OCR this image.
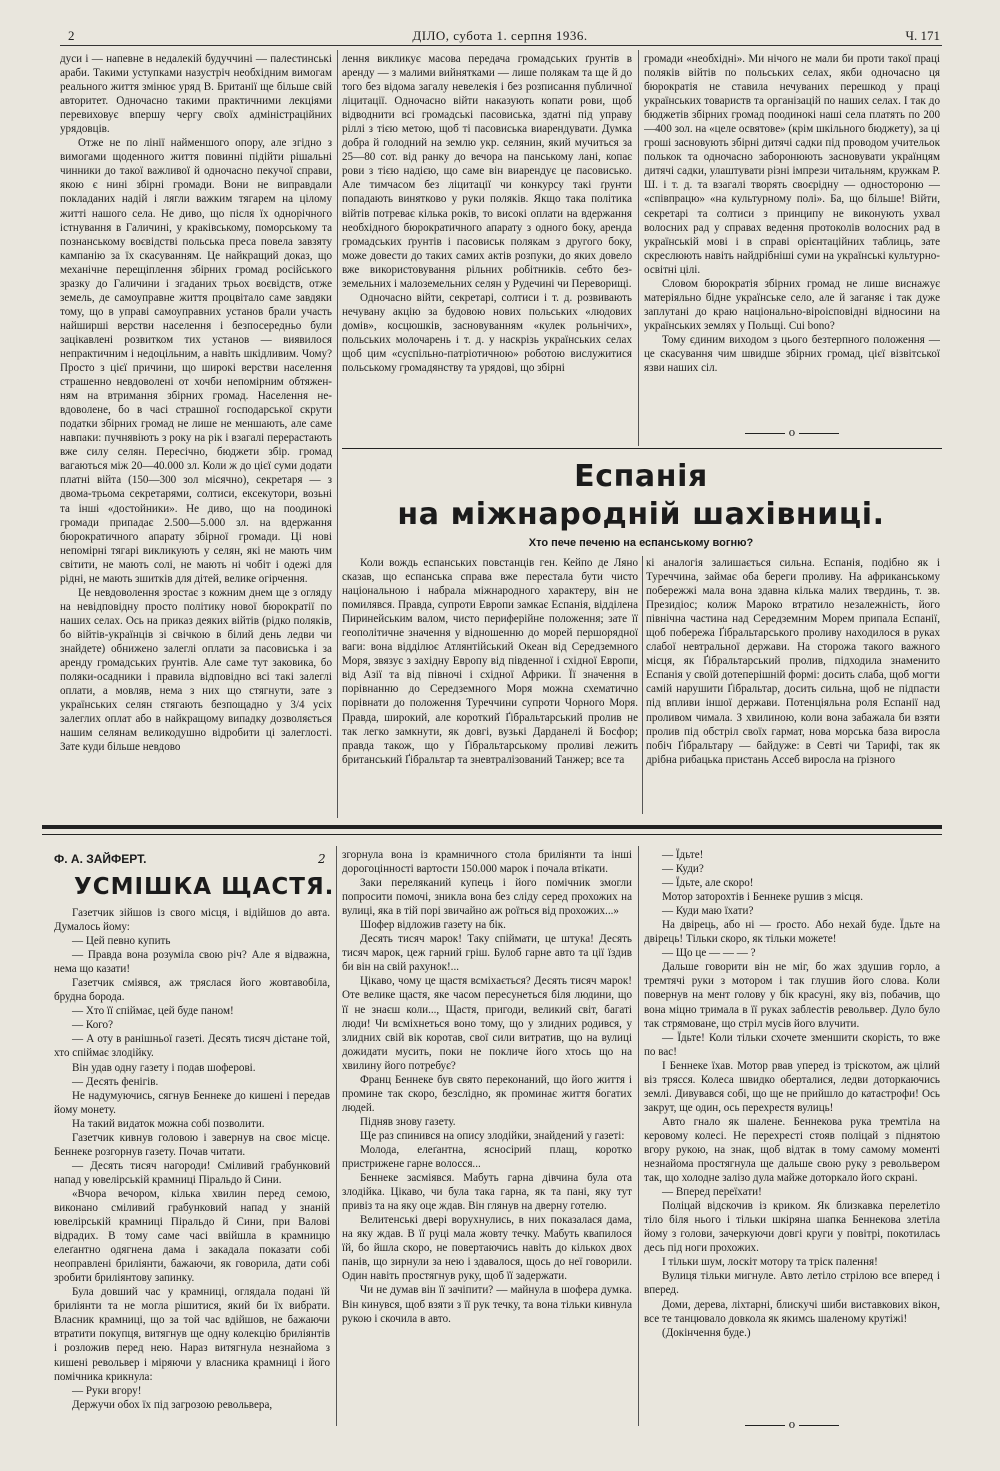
2	ДІЛО, субота 1. серпня 1936.	Ч. 171

дуси і — напевне в недалекій будуччині — палестинські араби. Такими уступками назустріч необхідним вимогам реального життя змінює уряд В. Британії ще більше свій авторитет. Одночасно такими практичними лекціями перевиховує впершу чергу своїх адміністраційних урядовців.

Отже не по лінії найменшого опору, але згідно з вимогами щоденного життя повинні підійти рішальні чинники до такої важливої й одночасно пекучої справи, якою є нині збірні громади. Вони не виправдали покладаних надій і лягли важким тягарем на цілому житті нашого села. Не диво, що після їх однорічного істнування в Галичині, у краківському, поморському та познанському воєвідстві польська преса повела завзяту кампанію за їх скасуванням. Це найкращий доказ, що механічне перещіплення збірних громад російського зразку до Галичини і згаданих трьох воєвідств, отже земель, де самоуправне життя процвітало саме завдяки тому, що в управі самоуправних установ брали участь найширші верстви населення і безпосередньо були зацікавлені розвитком тих установ — виявилося непрактичним і недоцільним, а навіть шкідливим. Чому? Просто з цієї причини, що широкі верстви населення страшенно невдоволені от хочби непомірним обтяженням на втримання збірних громад. Населення невдоволене, бо в часі страшної господарської скрути податки збірних громад не лише не меншають, але саме навпаки: пучнявіють з року на рік і взагалі перерастають вже силу селян. Пересічно, бюджети збір. громад вагаються між 20—40.000 зл. Коли ж до цієї суми додати платні війта (150—300 зол місячно), секретаря — з двома-трьома секретарями, солтиси, ексекутори, возьні та інші «достойники». Не диво, що на поодинокі громади припадає 2.500—5.000 зл. на вдержання бюрократичного апарату збірної громади. Ці нові непомірні тягарі викликують у селян, які не мають чим світити, не мають солі, не мають ні чобіт і одежі для рідні, не мають зшитків для дітей, велике огірчення.

Це невдоволення зростає з кожним днем ще з огляду на невідповідну просто політику нової бюрократії по наших селах. Ось на приказ деяких війтів (рідко поляків, бо війтів-українців зі свічкою в білий день ледви чи знайдете) обнижено залеглі оплати за пасовиська і за аренду громадських ґрунтів. Але саме тут заковика, бо поляки-осадники і правила відповідно всі такі залеглі оплати, а мовляв, нема з них що стягнути, затe з українських селян стягають безпощадно у 3/4 усіх залеглих оплат або в найкращому випадку дозволяється нашим селянам великодушно відробити ці залеглості. Зате куди більше невдово

лення викликує масова передача громадських ґрунтів в аренду — з малими вийнятками — лише полякам та ще й до того без відома загалу невелекія і без розписання публичної лiцитації. Одночасно війти наказують копати рови, щоб відводнити всі громадські пасовиська, здатні під управу ріллі з тією метою, щоб ті пасовиська виарендувати. Думка добра й голодний на землю укр. селянин, який мучиться за 25—80 сот. від ранку до вечора на панському лані, копає рови з тією надією, що саме він виарендує це пасовисько. Але тимчасом без лiцитації чи конкурсу такі ґрунти попадають винятково у руки поляків. Якщо така політика війтів потреває кілька років, то високі оплати на вдержання необхідного бюрократичного апарату з одного боку, аренда громадських ґрунтів і пасовиськ полякам з другого боку, може довести до таких самих актів розпуки, до яких довело вже використовування рільних робітників. себто безземельних і малоземельних селян у Рудечині чи Перевоpищі.

Одночасно війти, секретарі, солтиси і т. д. розвивають нечувану акцію за будовою нових польських «людових домів», косцюшків, засновуванням «кулек рольнічих», польських молочарень і т. д. у наскрізь українських селах щоб цим «суспільно-патріотичною» роботою вислужитися польському громадянству та урядові, що збірні

громади «необхідні». Ми нічого не мали би проти такої праці поляків війтів по польських селах, якби одночасно ця бюрократія не ставила нечуваних перешкод у праці українських товариств та організацій по наших селах. І так до бюджетів збірних громад поодинокі наші села платять по 200—400 зол. на «целе освятове» (крім шкільного бюджету), за ці гроші засновують збірні дитячі садки під проводом учительок полькок та одночасно заборонюють засновувати українцям дитячі садки, улаштувати різні імпрези читальням, кружкам Р. Ш. і т. д. та взагалі творять своєрідну — одностороню — «співпрацю» «на культурному полі». Ба, що більше! Війти, секретарі та солтиси з принципу не виконують ухвал волосних рад у справах ведення протоколів волосних рад в українській мові і в справі орієнтаційних таблиць, зате скреслюють навіть найдрібніші суми на українські культурно-освітні цілі.

Словом бюрократія збірних громад не лише виснажує матеріяльно бідне українське село, але й заганяє і так дуже заплутані до краю національно-віроісповідні відносини на українських землях у Польщі. Cui bono?

Тому єдиним виходом з цього безтерпного положення — це скасування чим швидше збірних громад, цієї візвітської язви наших сіл.

o
Еспанія
на міжнародній шахівниці.
Хто пече печеню на еспанському вогню?

Коли вождь еспанських повстанців ген. Кейпо де Ляно сказав, що еспанська справа вже перестала бути чисто національною і набрала міжнародного характеру, він не помилявся. Правда, супроти Европи замкає Еспанія, відділена Пиринейським валом, чисто периферійне положення; зате її геополітичне значення у відношенню до морей першорядної ваги: вона відділює Атлянтійський Океан від Середземного Моря, звязує з західну Европу від південної і східної Европи, від Азії та від півночі і східної Африки. Її значення в порівнанню до Середземного Моря можна схематично порівнати до положення Туреччини супроти Чорного Моря. Правда, широкий, але короткий Ґібральтарський пролив не так легко замкнути, як довгі, вузькі Дарданелі й Босфор; правда також, що у Ґібральтарському проливі лежить британський Ґібральтар та зневтралізований Танжер; все та

кі аналогія залишається сильна. Еспанія, подібно як і Туреччина, займає оба береги проливу. На африканському побережжі мала вона здавна кілька малих твердинь, т. зв. Президіос; колиж Мароко втратило незалежність, його північна частина над Середземним Морем припала Еспанії, щоб побережа Ґібральтарського проливу находилося в руках слабої невтральної держави. На сторожа такого важного місця, як Ґібральтарський пролив, підходила знаменито Еспанія у своїй дотеперішній формі: досить слаба, щоб могти самій нарушити Ґібральтар, досить сильна, щоб не підпасти під впливи іншої держави. Потенціяльна роля Еспанії над проливом чимала. З хвилиною, коли вона забажала би взяти пролив під обстріл своїх гармат, нова морська база виросла побіч Ґібральтару — байдуже: в Севті чи Тарифі, так як дрібна рибацька пристань Ассеб виросла на ґрізного

Ф. А. ЗАЙФЕРТ.	2
УСМІШКА ЩАСТЯ.

Газетчик зійшов із свого місця, і відійшов до авта. Думалось йому:

— Цей певно купить

— Правда вона розуміла свою річ? Але я відважна, нема що казати!

Газетчик сміявся, аж тряслася його жовтавобіла, брудна борода.

— Хто її спіймає, цей буде паном!

— Кого?

— А оту в ранішньої газеті. Десять тисяч дістане той, хто спіймає злодійку.

Він удав одну газету і подав шоферові.

— Десять фенігів.

Не надумуючись, сягнув Беннеке до кишені і передав йому монету.

На такий видаток можна собі позволити.

Газетчик кивнув головою і завернув на своє місце. Беннеке розгорнув газету. Почав читати.

— Десять тисяч нагороди! Сміливий грабунковий напад у ювелірській крамниці Піральдо й Сини.

«Вчора вечором, кілька хвилин перед семою, виконано сміливий грабунковий напад у знаній ювелірській крамниці Піральдо й Сини, при Валові відрадих. В тому саме часі ввійшла в крамницю елеґантно одягнена дама і закадала показати собі неоправлені бриліянти, бажаючи, як говорила, дати собі зробити бриліянтову запинку.

Була довший час у крамниці, оглядала подані їй бриліянти та не могла рішитися, який би їх вибрати. Власник крамниці, що за той час вдійшов, не бажаючи втратити покупця, витягнув ще одну колекцію бриліянтів і розложив перед нею. Нараз витягнула незнайома з кишені револьвер і міряючи у власника крамниці і його помічника крикнула:

— Руки вгору!

Держучи обох їх під загрозою револьвера,

згорнула вона із крамничного стола бриліянти та інші дорогоцінності вартости 150.000 марок і почала втікати.

Заки переляканий купець і його помічник змогли попросити помочі, зникла вона без сліду серед прохожих на вулиці, яка в тій порі звичайно аж роїться від прохожих...»

Шофер відложив газету на бік.

Десять тисяч марок! Таку спіймати, це штука! Десять тисяч марок, цеж гарний гріш. Булоб гарне авто та ції їздив би він на свій рахунок!...

Цікаво, чому це щастя всміхається? Десять тисяч марок! Оте велике щастя, яке часом пересунеться біля людини, що її не знаєш коли..., Щастя, пригоди, великий світ, багаті люди! Чи всміхнеться воно тому, що у злидних родився, у злидних свій вік коротав, свої сили витратив, що на вулиці дожидати мусить, поки не покличе його хтось що на хвилину його потребує?

Франц Беннеке був свято переконаний, що його життя і проминe так скоро, безслідно, як проминає життя богатих людей.

Підняв знову газету.

Ще раз спинився на опису злодійки, знайдений у газеті:

Молода, елеґантна, ясносірий плащ, коротко пристрижене гарне волосся...

Беннеке засміявся. Мабуть гарна дівчина була ота злодійка. Цікаво, чи була така гарна, як та пані, яку тут привіз та на яку оце ждав. Він глянув на дверну готелю.

Велитенські двері ворухнулись, в них показалася дама, на яку ждав. В її руці мала жовту течку. Мабуть квапилося їй, бо йшла скоро, не повертаючись навіть до кількох двох панів, що зирнули за нею і здавалося, щось до неї говорили. Один навіть простягнув руку, щоб її задержати.

Чи не думав він її зачіпити? — майнула в шофера думка. Він кинувся, щоб взяти з її рук течку, та вона тільки кивнула рукою і скочила в авто.

— Їдьте!

— Куди?

— Їдьте, але скоро!

Мотор заторохтів і Беннеке рушив з місця.

— Куди маю їхати?

На двірець, або ні — ґросто. Або нехай буде. Їдьте на двірець! Тільки скоро, як тільки можете!

— Що це — — — ?

Дальше говорити він не міг, бо жах здушив горло, а тремтячі руки з мотором і так глушив його слова. Коли повернув на мент голову у бік красуні, яку віз, побачив, що вона міцно тримала в її руках заблестів револьвер. Дуло було так стрямоване, що стріл мусів його влучити.

— Їдьте! Коли тільки схочете зменшити скорість, то вже по вас!

І Беннеке їхав. Мотор рвав уперед із тріскотом, аж цілий віз трясся. Колеса швидко обертaлися, ледви доторкаючись землі. Дивувався собі, що ще не прийшло до катастрофи! Ось закрут, ще один, ось перехрестя вулиць!

Авто гнало як шалене. Беннекова рука тремтіла на керовому колесі. Не перехресті стояв поліцай з піднятою вгору рукою, на знак, щоб відтак в тому самому моменті незнайома простягнула ще дальше свою руку з револьвером так, що холодне залізо дула майже доторкало його скрані.

— Вперед переїхати!

Поліцай відскочив із крикoм. Як близкавка перелетіло тіло біля нього і тільки шкірянa шапка Беннекова злетіла йому з голови, зачеркуючи довгі круги у повітрі, покотилась десь під ноги прохожих.

І тільки шум, лоскіт мотору та тріск палення!

Вулиця тільки мигнуле. Авто летіло стрілою все вперед і вперед.

Доми, дерева, ліхтарні, блискучі шиби виставкових вікон, все те танцювало довкола як якимсь шаленому крутіжі!

(Докінчення буде.)

o
